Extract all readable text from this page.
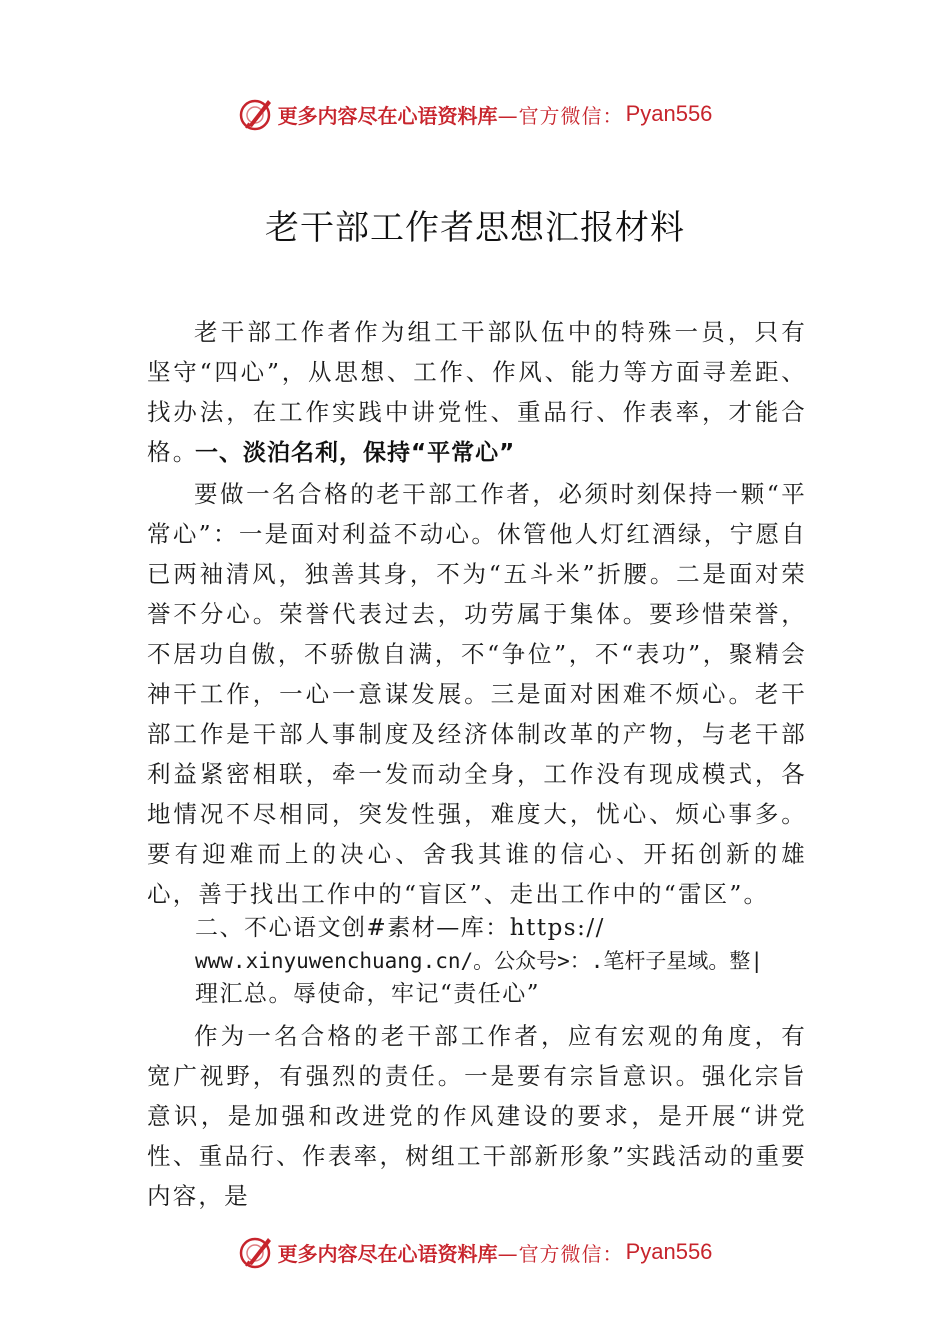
更多内容尽在心语资料库 —官方微信： Pyan556
老干部工作者思想汇报材料

老干部工作者作为组工干部队伍中的特殊一员，只有坚守“四心”，从思想、工作、作风、能力等方面寻差距、找办法，在工作实践中讲党性、重品行、作表率，才能合格。

一、淡泊名利，保持“平常心”

要做一名合格的老干部工作者，必须时刻保持一颗“平常心”：一是面对利益不动心。休管他人灯红酒绿，宁愿自已两袖清风，独善其身，不为“五斗米”折腰。二是面对荣誉不分心。荣誉代表过去，功劳属于集体。要珍惜荣誉，不居功自傲，不骄傲自满，不“争位”，不“表功”，聚精会神干工作，一心一意谋发展。三是面对困难不烦心。老干部工作是干部人事制度及经济体制改革的产物，与老干部利益紧密相联，牵一发而动全身，工作没有现成模式，各地情况不尽相同，突发性强，难度大，忧心、烦心事多。要有迎难而上的决心、舍我其谁的信心、开拓创新的雄心，善于找出工作中的“盲区”、走出工作中的“雷区”。

二、不心语文创#素材—库：https://
www.xinyuwenchuang.cn/。公众号>：.笔杆子星域。整|
理汇总。辱使命，牢记“责任心”

作为一名合格的老干部工作者，应有宏观的角度，有宽广视野，有强烈的责任。一是要有宗旨意识。强化宗旨意识，是加强和改进党的作风建设的要求，是开展“讲党性、重品行、作表率，树组工干部新形象”实践活动的重要内容，是

更多内容尽在心语资料库 —官方微信： Pyan556
